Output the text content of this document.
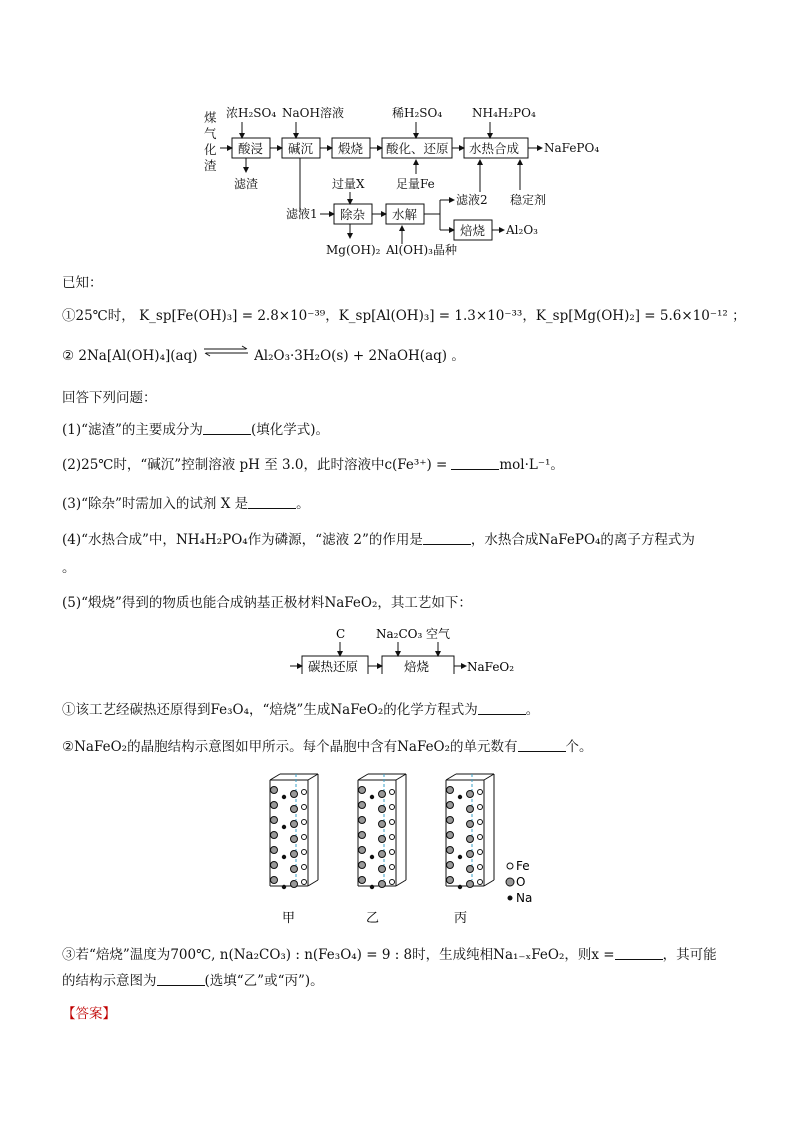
煤
气
化
渣
浓H₂SO₄ NaOH溶液	稀H₂SO₄ NH₄H₂PO₄
酸浸 碱沉 煅烧 酸化、还原 水热合成 NaFePO₄
滤渣	过量X	足量Fe
滤液1 除杂 水解
Mg(OH)₂ Al(OH)₃晶种
滤液2
焙烧 Al₂O₃
稳定剂
已知：
①25℃时， K_sp[Fe(OH)₃] = 2.8×10⁻³⁹，K_sp[Al(OH)₃] = 1.3×10⁻³³，K_sp[Mg(OH)₂] = 5.6×10⁻¹² ；
② 2Na[Al(OH)₄](aq) ⇌ Al₂O₃·3H₂O(s) + 2NaOH(aq) 。
回答下列问题：
(1)“滤渣”的主要成分为	(填化学式)。
(2)25℃时，“碱沉”控制溶液 pH 至 3.0，此时溶液中c(Fe³⁺) =	mol·L⁻¹。
(3)“除杂”时需加入的试剂 X 是	。
(4)“水热合成”中，NH₄H₂PO₄作为磷源，“滤液 2”的作用是	，水热合成NaFePO₄的离子方程式为
。
(5)“煅烧”得到的物质也能合成钠基正极材料NaFeO₂，其工艺如下：
C	Na₂CO₃ 空气
碳热还原	焙烧	NaFeO₂
①该工艺经碳热还原得到Fe₃O₄，“焙烧”生成NaFeO₂的化学方程式为	。
②NaFeO₂的晶胞结构示意图如甲所示。每个晶胞中含有NaFeO₂的单元数有	个。
甲	乙	丙
Fe
O
Na
③若“焙烧”温度为700℃, n(Na₂CO₃) : n(Fe₃O₄) = 9 : 8时，生成纯相Na₁₋ₓFeO₂，则x =	，其可能
的结构示意图为	(选填“乙”或“丙”)。
【答案】
